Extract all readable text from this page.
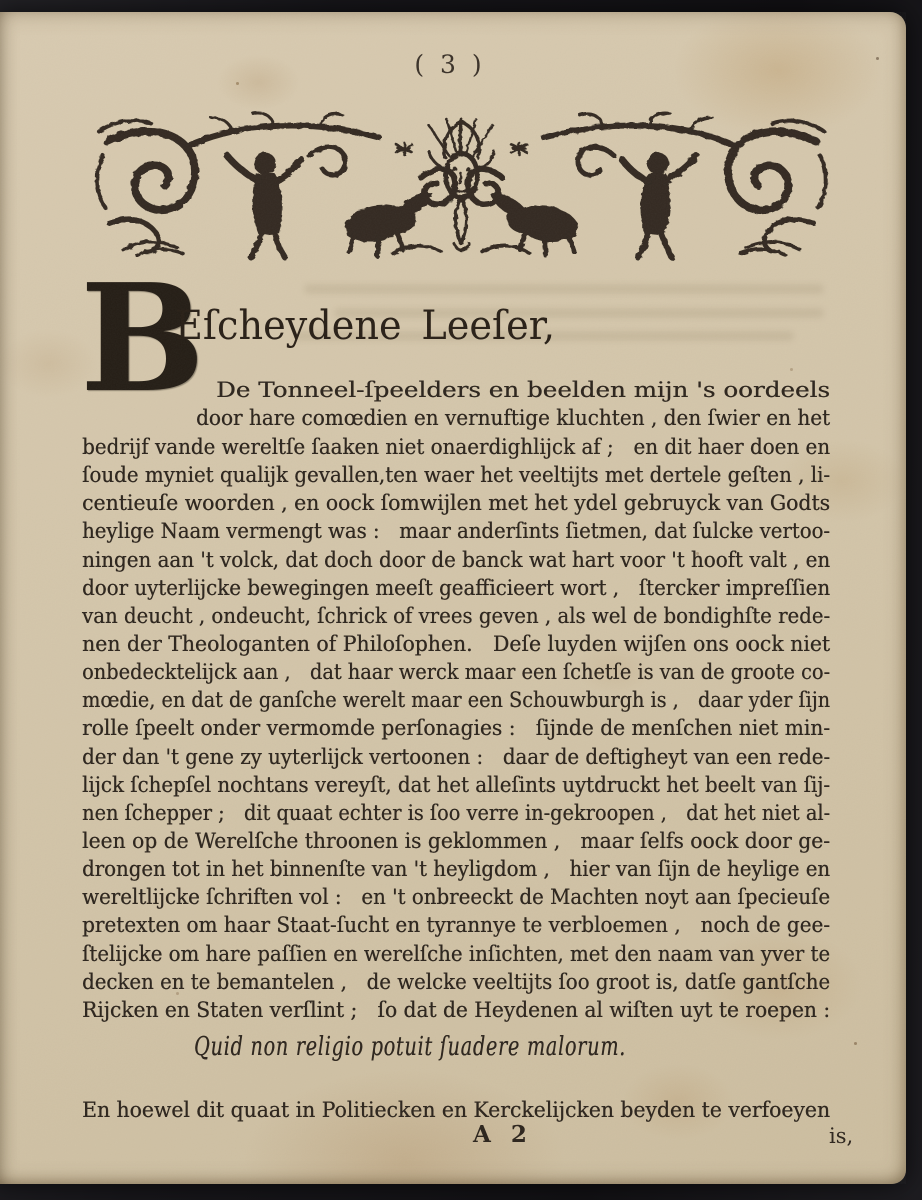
( 3 )
B
Eſcheydene Leeſer,
De Tonneel-ſpeelders en beelden mijn 's oordeels
door hare comœdien en vernuftige kluchten , den ſwier en het
bedrijf vande wereltſe ſaaken niet onaerdighlijck af ; en dit haer doen en
ſoude myniet qualijk gevallen,ten waer het veeltijts met dertele geſten , li-
centieuſe woorden , en oock ſomwijlen met het ydel gebruyck van Godts
heylige Naam vermengt was : maar anderſints ſietmen, dat ſulcke vertoo-
ningen aan 't volck, dat doch door de banck wat hart voor 't hooft valt , en
door uyterlijcke bewegingen meeſt geafficieert wort , ſtercker impreſſien
van deucht , ondeucht, ſchrick of vrees geven , als wel de bondighſte rede-
nen der Theologanten of Philoſophen. Deſe luyden wijſen ons oock niet
onbedecktelijck aan , dat haar werck maar een ſchetſe is van de groote co-
mœdie, en dat de ganſche werelt maar een Schouwburgh is , daar yder ſijn
rolle ſpeelt onder vermomde perſonagies : ſijnde de menſchen niet min-
der dan 't gene zy uyterlijck vertoonen : daar de deftigheyt van een rede-
lijck ſchepſel nochtans vereyſt, dat het alleſints uytdruckt het beelt van ſij-
nen ſchepper ; dit quaat echter is ſoo verre in-gekroopen , dat het niet al-
leen op de Werelſche throonen is geklommen , maar ſelfs oock door ge-
drongen tot in het binnenſte van 't heyligdom , hier van ſijn de heylige en
wereltlijcke ſchriften vol : en 't onbreeckt de Machten noyt aan ſpecieuſe
pretexten om haar Staat-ſucht en tyrannye te verbloemen , noch de gee-
ſtelijcke om hare paſſien en werelſche inſichten, met den naam van yver te
decken en te bemantelen , de welcke veeltijts ſoo groot is, datſe gantſche
Rijcken en Staten verſlint ; ſo dat de Heydenen al wiſten uyt te roepen :
Quid non religio potuit ſuadere malorum.
En hoewel dit quaat in Politiecken en Kerckelijcken beyden te verfoeyen
A 2	is,
